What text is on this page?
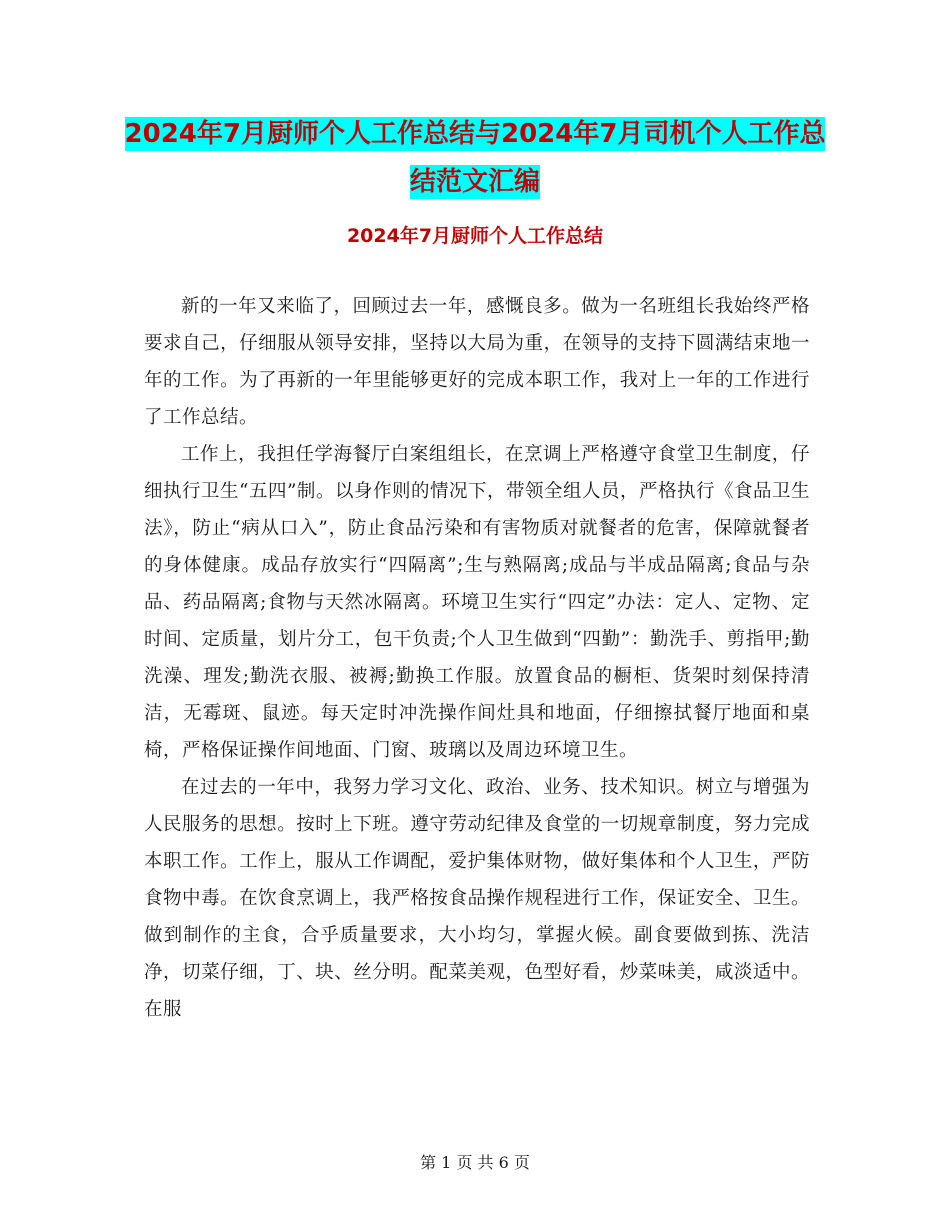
2024年7月厨师个人工作总结与2024年7月司机个人工作总结范文汇编
2024年7月厨师个人工作总结

新的一年又来临了，回顾过去一年，感慨良多。做为一名班组长我始终严格要求自己，仔细服从领导安排，坚持以大局为重，在领导的支持下圆满结束地一年的工作。为了再新的一年里能够更好的完成本职工作，我对上一年的工作进行了工作总结。

工作上，我担任学海餐厅白案组组长，在烹调上严格遵守食堂卫生制度，仔细执行卫生“五四”制。以身作则的情况下，带领全组人员，严格执行《食品卫生法》，防止“病从口入”，防止食品污染和有害物质对就餐者的危害，保障就餐者的身体健康。成品存放实行“四隔离”;生与熟隔离;成品与半成品隔离;食品与杂品、药品隔离;食物与天然冰隔离。环境卫生实行“四定”办法：定人、定物、定时间、定质量，划片分工，包干负责;个人卫生做到“四勤”：勤洗手、剪指甲;勤洗澡、理发;勤洗衣服、被褥;勤换工作服。放置食品的橱柜、货架时刻保持清洁，无霉斑、鼠迹。每天定时冲洗操作间灶具和地面，仔细擦拭餐厅地面和桌椅，严格保证操作间地面、门窗、玻璃以及周边环境卫生。

在过去的一年中，我努力学习文化、政治、业务、技术知识。树立与增强为人民服务的思想。按时上下班。遵守劳动纪律及食堂的一切规章制度，努力完成本职工作。工作上，服从工作调配，爱护集体财物，做好集体和个人卫生，严防食物中毒。在饮食烹调上，我严格按食品操作规程进行工作，保证安全、卫生。做到制作的主食，合乎质量要求，大小均匀，掌握火候。副食要做到拣、洗洁净，切菜仔细，丁、块、丝分明。配菜美观，色型好看，炒菜味美，咸淡适中。在服

第 1 页 共 6 页
